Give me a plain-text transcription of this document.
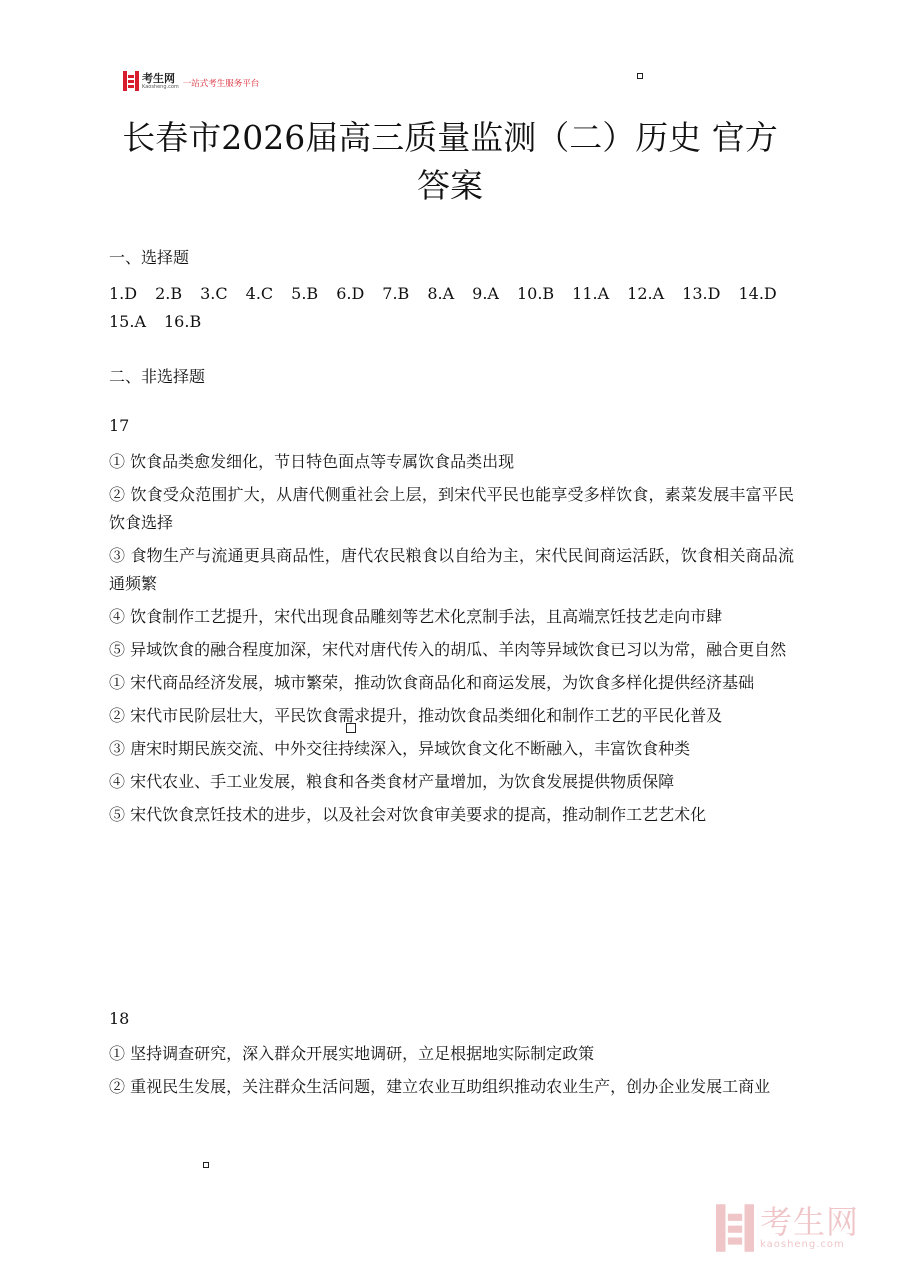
考生网
Kaosheng.com 一站式考生服务平台
长春市2026届高三质量监测（二）历史 官方答案
一、选择题
1.D 2.B 3.C 4.C 5.B 6.D 7.B 8.A 9.A 10.B 11.A 12.A 13.D 14.D
15.A 16.B
二、非选择题
17

① 饮食品类愈发细化，节日特色面点等专属饮食品类出现

② 饮食受众范围扩大，从唐代侧重社会上层，到宋代平民也能享受多样饮食，素菜发展丰富平民饮食选择

③ 食物生产与流通更具商品性，唐代农民粮食以自给为主，宋代民间商运活跃，饮食相关商品流通频繁

④ 饮食制作工艺提升，宋代出现食品雕刻等艺术化烹制手法，且高端烹饪技艺走向市肆

⑤ 异域饮食的融合程度加深，宋代对唐代传入的胡瓜、羊肉等异域饮食已习以为常，融合更自然

① 宋代商品经济发展，城市繁荣，推动饮食商品化和商运发展，为饮食多样化提供经济基础

② 宋代市民阶层壮大，平民饮食需求提升，推动饮食品类细化和制作工艺的平民化普及

③ 唐宋时期民族交流、中外交往持续深入，异域饮食文化不断融入，丰富饮食种类

④ 宋代农业、手工业发展，粮食和各类食材产量增加，为饮食发展提供物质保障

⑤ 宋代饮食烹饪技术的进步，以及社会对饮食审美要求的提高，推动制作工艺艺术化

18

① 坚持调查研究，深入群众开展实地调研，立足根据地实际制定政策

② 重视民生发展，关注群众生活问题，建立农业互助组织推动农业生产，创办企业发展工商业

考生网
kaosheng.com
